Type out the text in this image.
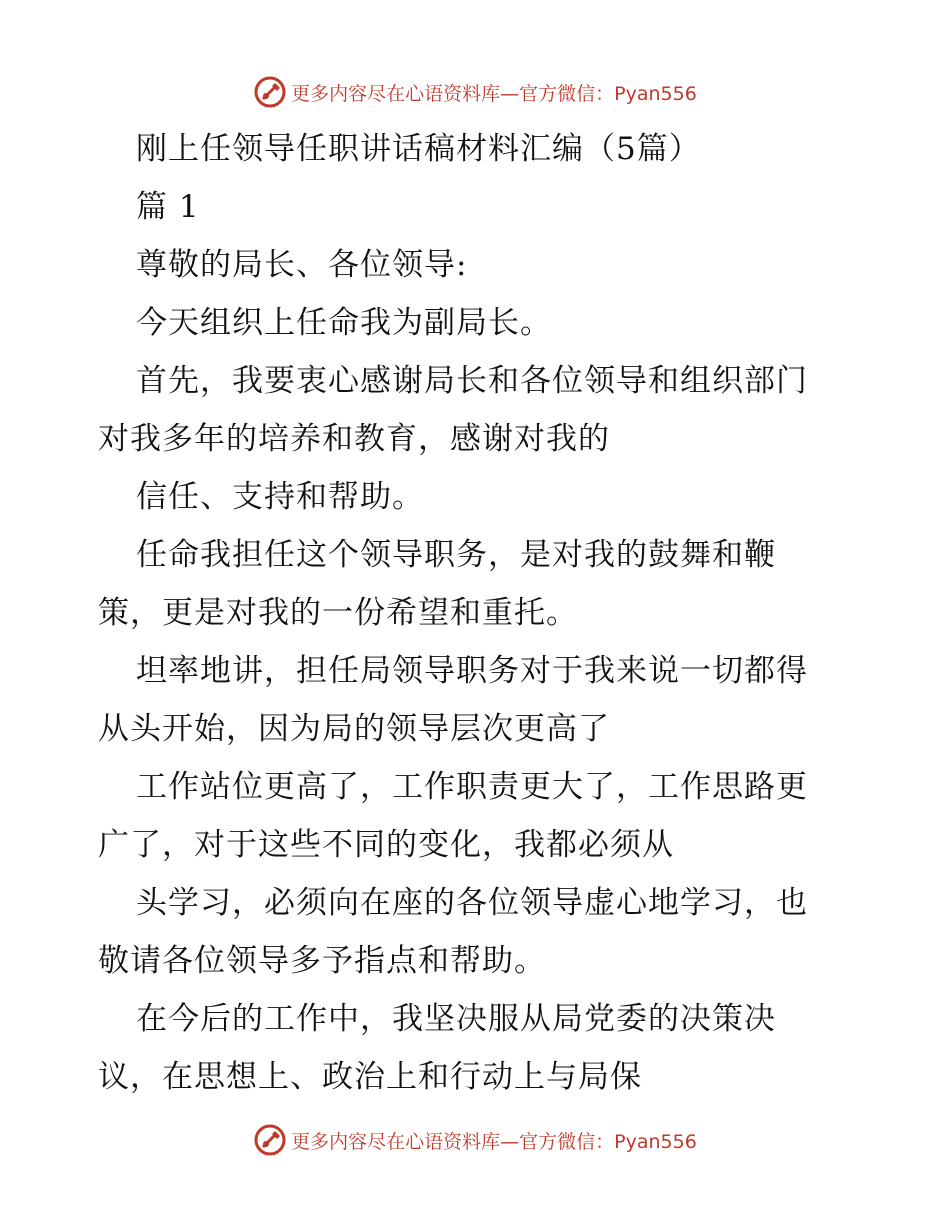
更多内容尽在心语资料库—官方微信：Pyan556
刚上任领导任职讲话稿材料汇编（5篇）
篇 1
尊敬的局长、各位领导:
今天组织上任命我为副局长。
首先，我要衷心感谢局长和各位领导和组织部门
对我多年的培养和教育，感谢对我的
信任、支持和帮助。
任命我担任这个领导职务，是对我的鼓舞和鞭
策，更是对我的一份希望和重托。
坦率地讲，担任局领导职务对于我来说一切都得
从头开始，因为局的领导层次更高了
工作站位更高了，工作职责更大了，工作思路更
广了，对于这些不同的变化，我都必须从
头学习，必须向在座的各位领导虚心地学习，也
敬请各位领导多予指点和帮助。
在今后的工作中，我坚决服从局党委的决策决
议，在思想上、政治上和行动上与局保
更多内容尽在心语资料库—官方微信：Pyan556
